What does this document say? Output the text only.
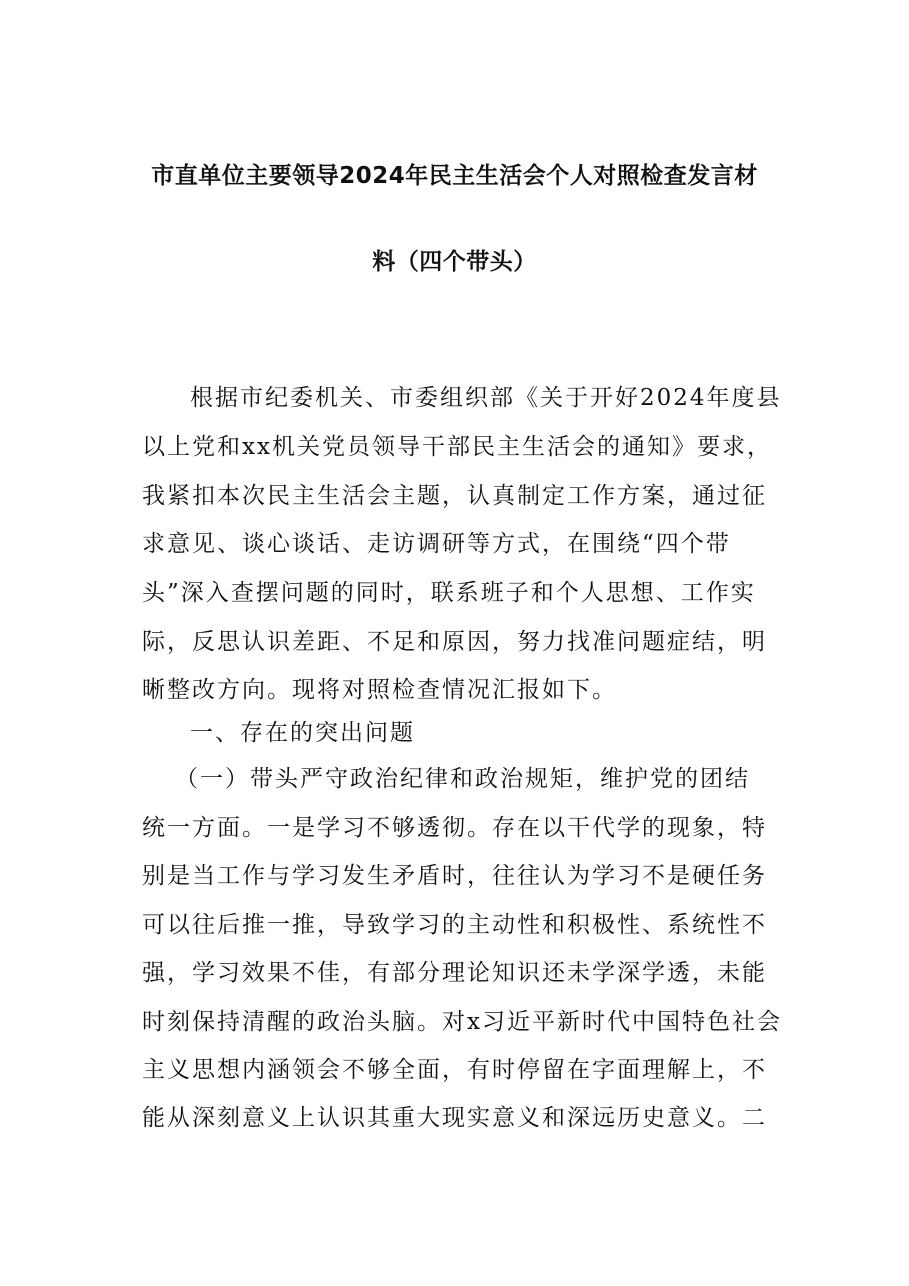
市直单位主要领导2024年民主生活会个人对照检查发言材
料（四个带头）
根据市纪委机关、市委组织部《关于开好2024年度县
以上党和xx机关党员领导干部民主生活会的通知》要求，
我紧扣本次民主生活会主题，认真制定工作方案，通过征
求意见、谈心谈话、走访调研等方式，在围绕“四个带
头”深入查摆问题的同时，联系班子和个人思想、工作实
际，反思认识差距、不足和原因，努力找准问题症结，明
晰整改方向。现将对照检查情况汇报如下。
一、存在的突出问题
（一）带头严守政治纪律和政治规矩，维护党的团结
统一方面。一是学习不够透彻。存在以干代学的现象，特
别是当工作与学习发生矛盾时，往往认为学习不是硬任务
可以往后推一推，导致学习的主动性和积极性、系统性不
强，学习效果不佳，有部分理论知识还未学深学透，未能
时刻保持清醒的政治头脑。对x习近平新时代中国特色社会
主义思想内涵领会不够全面，有时停留在字面理解上，不
能从深刻意义上认识其重大现实意义和深远历史意义。二
